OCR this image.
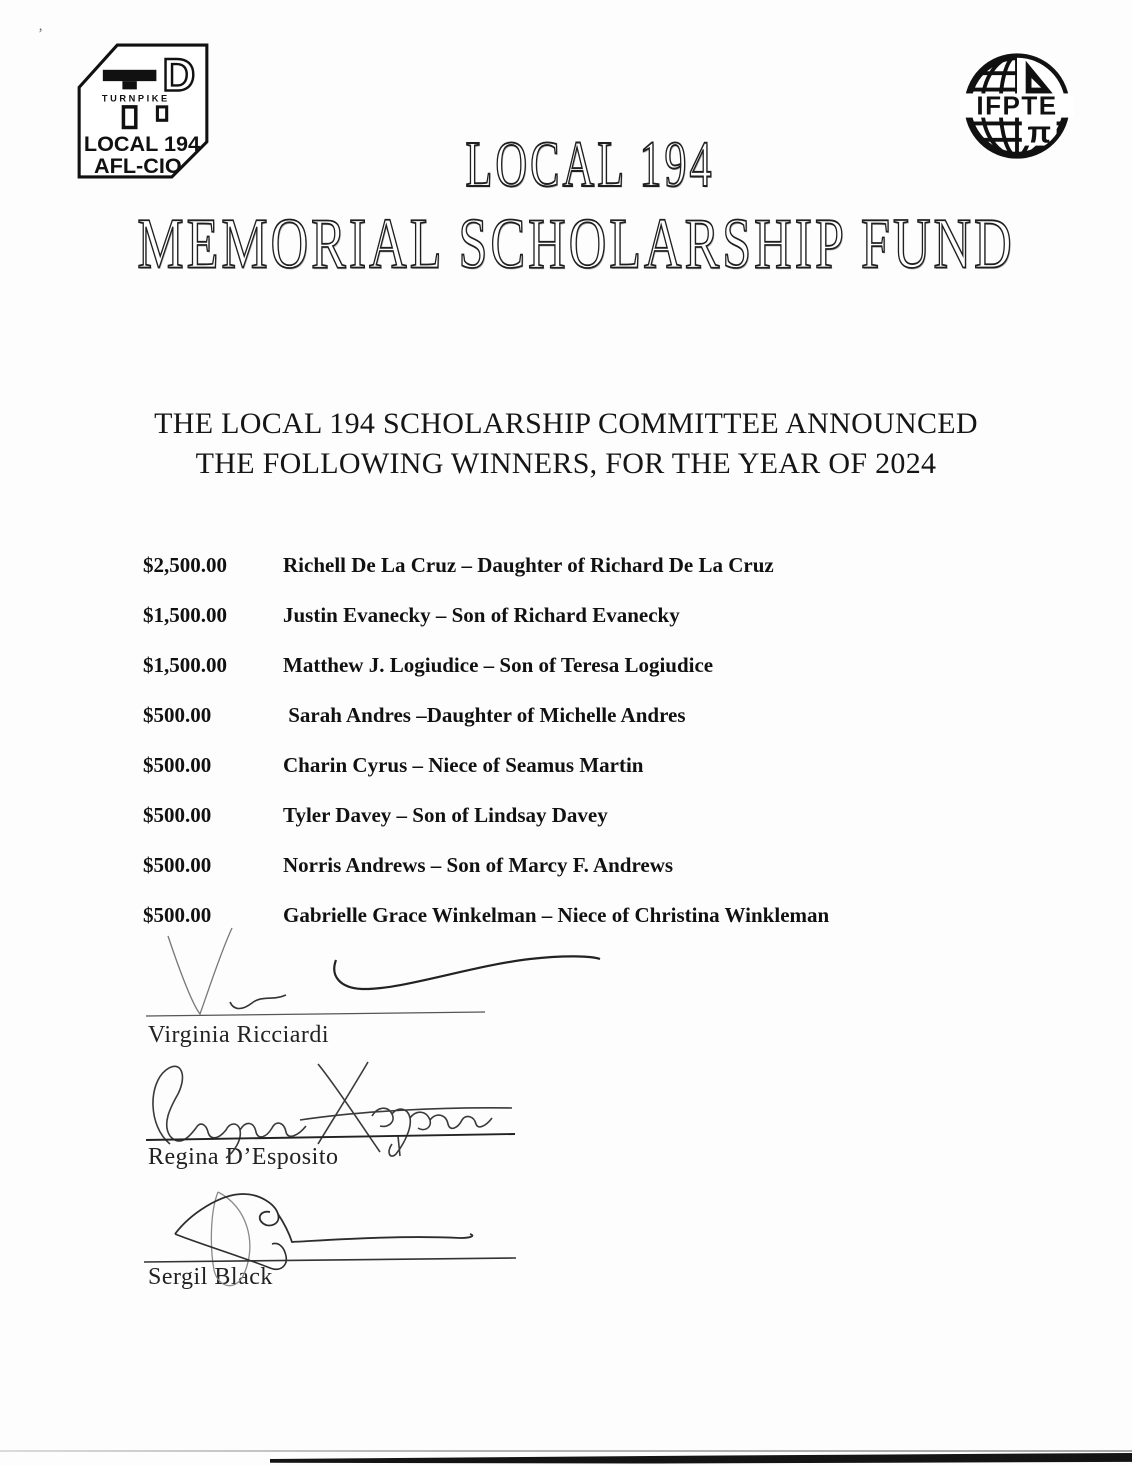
’
D
TURNPIKE
LOCAL 194
AFL-CIO
IFPTE
π
LOCAL 194
MEMORIAL SCHOLARSHIP FUND
THE LOCAL 194 SCHOLARSHIP COMMITTEE ANNOUNCED
THE FOLLOWING WINNERS, FOR THE YEAR OF 2024
$2,500.00	Richell De La Cruz – Daughter of Richard De La Cruz
$1,500.00	Justin Evanecky – Son of Richard Evanecky
$1,500.00	Matthew J. Logiudice – Son of Teresa Logiudice
$500.00	Sarah Andres –Daughter of Michelle Andres
$500.00	Charin Cyrus – Niece of Seamus Martin
$500.00	Tyler Davey – Son of Lindsay Davey
$500.00	Norris Andrews – Son of Marcy F. Andrews
$500.00	Gabrielle Grace Winkelman – Niece of Christina Winkleman
Virginia Ricciardi
Regina D’Esposito
Sergil Black
